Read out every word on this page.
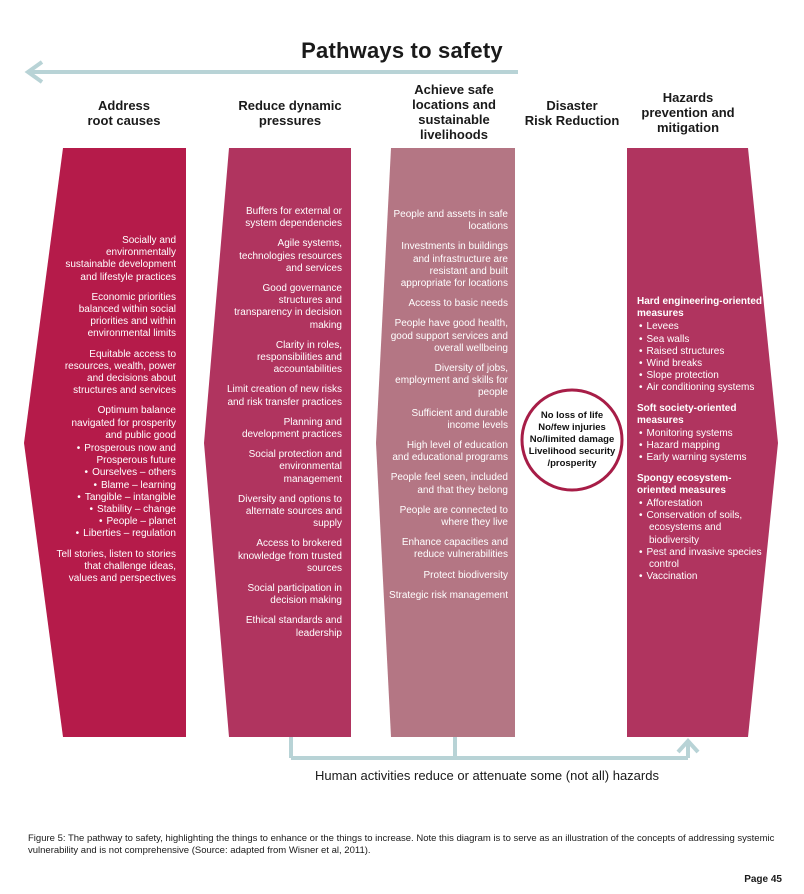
Pathways to safety
Address
root causes
Reduce dynamic
pressures
Achieve safe
locations and
sustainable
livelihoods
Disaster
Risk Reduction
Hazards
prevention and
mitigation

Socially and environmentally sustainable development and lifestyle practices

Economic priorities balanced within social priorities and within environmental limits

Equitable access to resources, wealth, power and decisions about structures and services

Optimum balance navigated for prosperity and public good

• Prosperous now and Prosperous future
• Ourselves – others
• Blame – learning
• Tangible – intangible
• Stability – change
• People – planet
• Liberties – regulation

Tell stories, listen to stories that challenge ideas, values and perspectives

Buffers for external or system dependencies

Agile systems, technologies resources and services

Good governance structures and transparency in decision making

Clarity in roles, responsibilities and accountabilities

Limit creation of new risks and risk transfer practices

Planning and development practices

Social protection and environmental management

Diversity and options to alternate sources and supply

Access to brokered knowledge from trusted sources

Social participation in decision making

Ethical standards and leadership

People and assets in safe locations

Investments in buildings and infrastructure are resistant and built appropriate for locations

Access to basic needs

People have good health, good support services and overall wellbeing

Diversity of jobs, employment and skills for people

Sufficient and durable income levels

High level of education and educational programs

People feel seen, included and that they belong

People are connected to where they live

Enhance capacities and reduce vulnerabilities

Protect biodiversity

Strategic risk management

No loss of life
No/few injuries
No/limited damage
Livelihood security
/prosperity
Hard engineering-oriented measures
• Levees
• Sea walls
• Raised structures
• Wind breaks
• Slope protection
• Air conditioning systems
Soft society-oriented measures
• Monitoring systems
• Hazard mapping
• Early warning systems
Spongy ecosystem-oriented measures
• Afforestation
• Conservation of soils, ecosystems and biodiversity
• Pest and invasive species control
• Vaccination
Human activities reduce or attenuate some (not all) hazards
Figure 5: The pathway to safety, highlighting the things to enhance or the things to increase. Note this diagram is to serve as an illustration of the concepts of addressing systemic vulnerability and is not comprehensive (Source: adapted from Wisner et al, 2011).
Page 45
